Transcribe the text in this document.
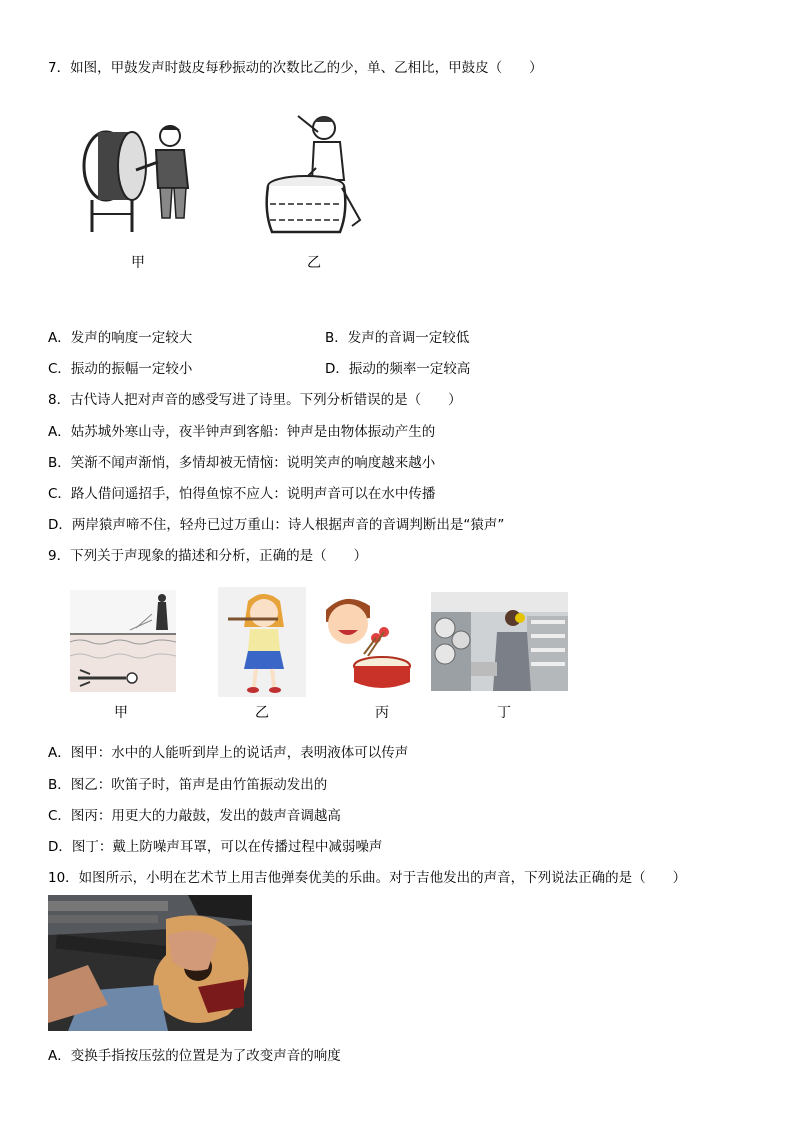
7．如图，甲鼓发声时鼓皮每秒振动的次数比乙的少，单、乙相比，甲鼓皮（　　）
甲	乙
A．发声的响度一定较大	B．发声的音调一定较低
C．振动的振幅一定较小	D．振动的频率一定较高
8．古代诗人把对声音的感受写进了诗里。下列分析错误的是（　　）
A．姑苏城外寒山寺，夜半钟声到客船：钟声是由物体振动产生的
B．笑渐不闻声渐悄，多情却被无情恼：说明笑声的响度越来越小
C．路人借问遥招手，怕得鱼惊不应人：说明声音可以在水中传播
D．两岸猿声啼不住，轻舟已过万重山：诗人根据声音的音调判断出是“猿声”
9．下列关于声现象的描述和分析，正确的是（　　）
甲	乙	丙	丁
A．图甲：水中的人能听到岸上的说话声，表明液体可以传声
B．图乙：吹笛子时，笛声是由竹笛振动发出的
C．图丙：用更大的力敲鼓，发出的鼓声音调越高
D．图丁：戴上防噪声耳罩，可以在传播过程中减弱噪声
10．如图所示，小明在艺术节上用吉他弹奏优美的乐曲。对于吉他发出的声音，下列说法正确的是（　　）
A．变换手指按压弦的位置是为了改变声音的响度
